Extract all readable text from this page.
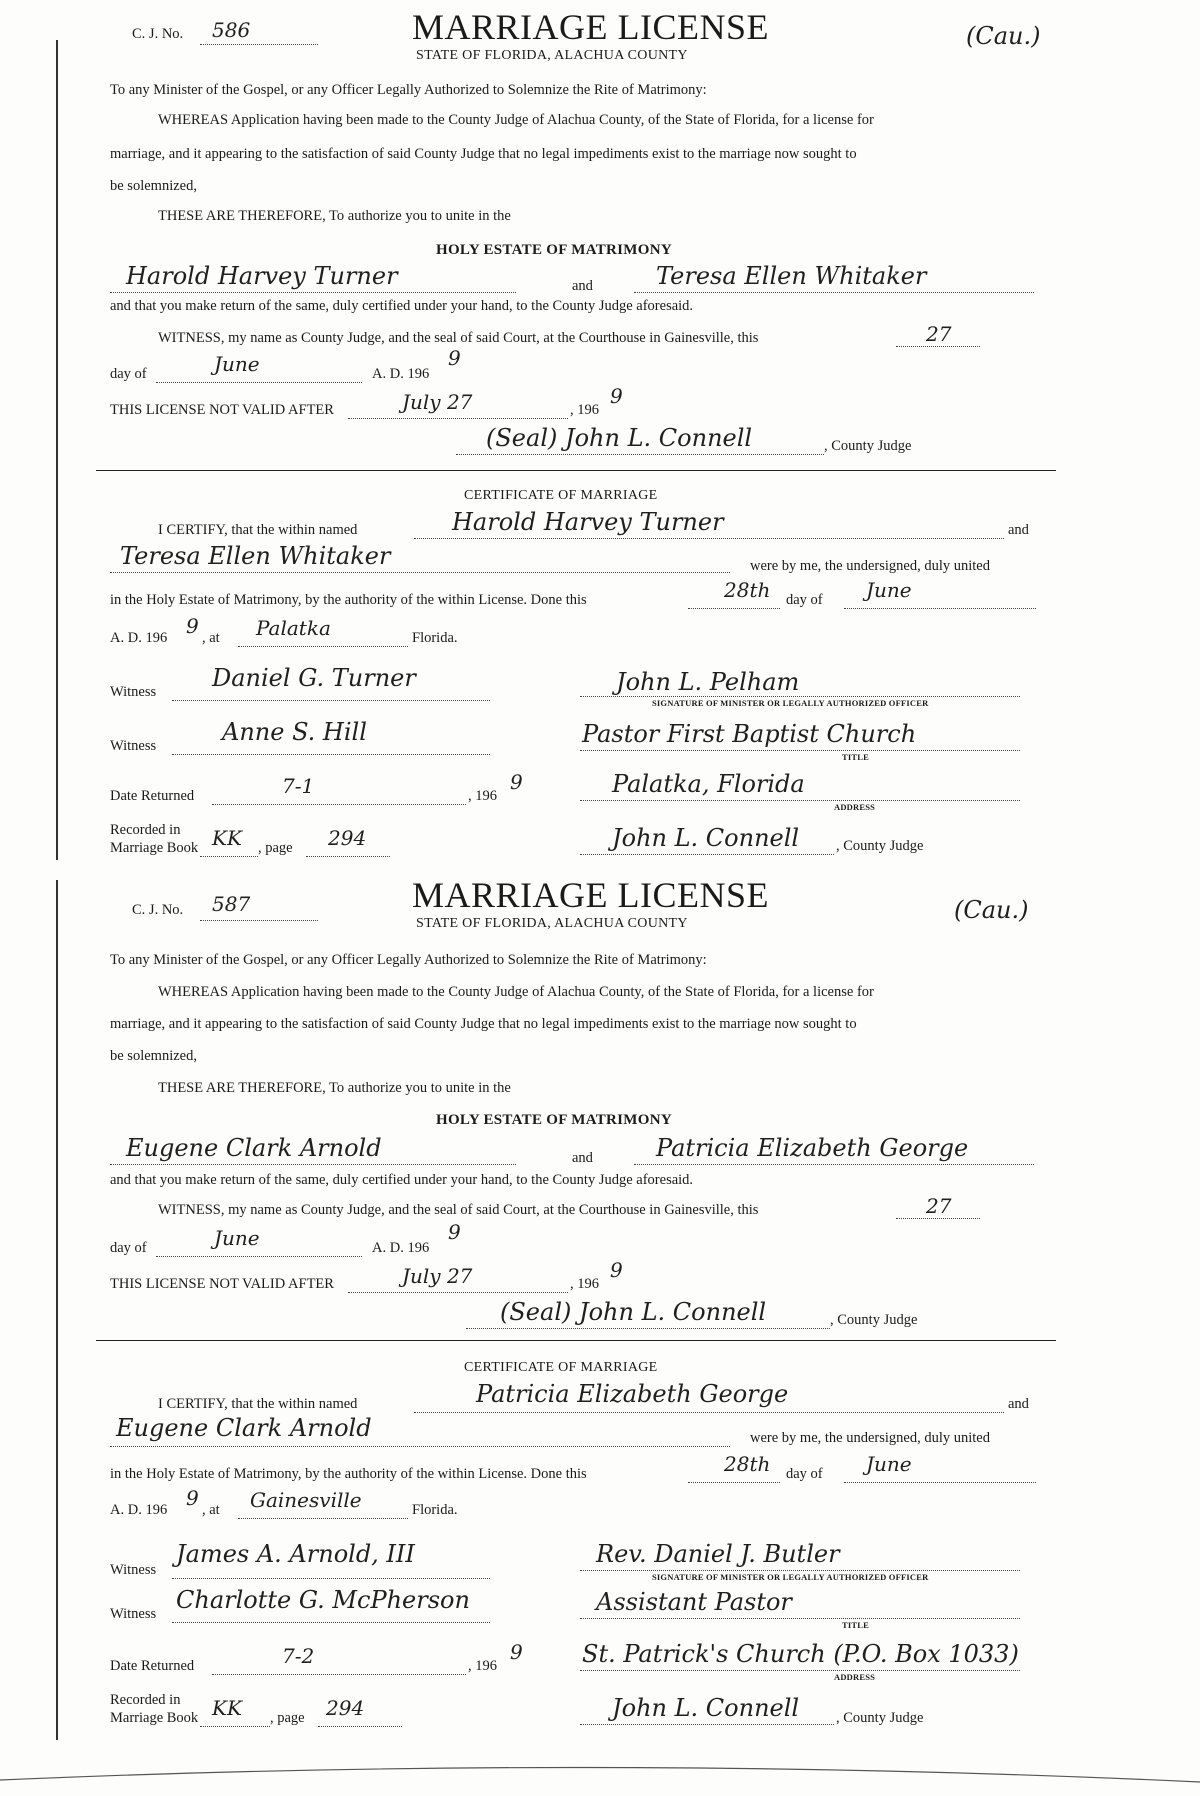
C. J. No. 586	MARRIAGE LICENSE
STATE OF FLORIDA, ALACHUA COUNTY
(Cau.)
To any Minister of the Gospel, or any Officer Legally Authorized to Solemnize the Rite of Matrimony:
WHEREAS Application having been made to the County Judge of Alachua County, of the State of Florida, for a license for
marriage, and it appearing to the satisfaction of said County Judge that no legal impediments exist to the marriage now sought to
be solemnized,
THESE ARE THEREFORE, To authorize you to unite in the
HOLY ESTATE OF MATRIMONY
Harold Harvey Turner	and	Teresa Ellen Whitaker
and that you make return of the same, duly certified under your hand, to the County Judge aforesaid.
WITNESS, my name as County Judge, and the seal of said Court, at the Courthouse in Gainesville, this	27
day of	June	A. D. 196
9
THIS LICENSE NOT VALID AFTER	July 27	, 196
9
(Seal) John L. Connell	, County Judge
CERTIFICATE OF MARRIAGE
I CERTIFY, that the within named	Harold Harvey Turner	and
Teresa Ellen Whitaker	were by me, the undersigned, duly united
in the Holy Estate of Matrimony, by the authority of the within License. Done this	28th day of June
A. D. 196 9 , at Palatka	Florida.
Witness Daniel G. Turner	John L. Pelham
SIGNATURE OF MINISTER OR LEGALLY AUTHORIZED OFFICER
Witness	Anne S. Hill	Pastor First Baptist Church
TITLE
Date Returned	7-1	, 196
9	Palatka, Florida
ADDRESS
Recorded in
Marriage Book KK , page 294	John L. Connell	, County Judge
C. J. No. 587	MARRIAGE LICENSE
STATE OF FLORIDA, ALACHUA COUNTY	(Cau.)
To any Minister of the Gospel, or any Officer Legally Authorized to Solemnize the Rite of Matrimony:
WHEREAS Application having been made to the County Judge of Alachua County, of the State of Florida, for a license for
marriage, and it appearing to the satisfaction of said County Judge that no legal impediments exist to the marriage now sought to
be solemnized,
THESE ARE THEREFORE, To authorize you to unite in the
HOLY ESTATE OF MATRIMONY
Eugene Clark Arnold	and	Patricia Elizabeth George
and that you make return of the same, duly certified under your hand, to the County Judge aforesaid.
WITNESS, my name as County Judge, and the seal of said Court, at the Courthouse in Gainesville, this	27
day of	June	A. D. 196
9
THIS LICENSE NOT VALID AFTER	July 27	, 196
9
(Seal) John L. Connell	, County Judge
CERTIFICATE OF MARRIAGE
I CERTIFY, that the within named	Patricia Elizabeth George	and
Eugene Clark Arnold	were by me, the undersigned, duly united
in the Holy Estate of Matrimony, by the authority of the within License. Done this	28th day of June
A. D. 196 9 , at Gainesville	Florida.
Witness
James A. Arnold, III	Rev. Daniel J. Butler
SIGNATURE OF MINISTER OR LEGALLY AUTHORIZED OFFICER
Witness Charlotte G. McPherson	Assistant Pastor
TITLE
Date Returned	7-2	, 196
9 St. Patrick's Church (P.O. Box 1033)
ADDRESS
Recorded in
Marriage Book KK , page 294	John L. Connell	, County Judge
